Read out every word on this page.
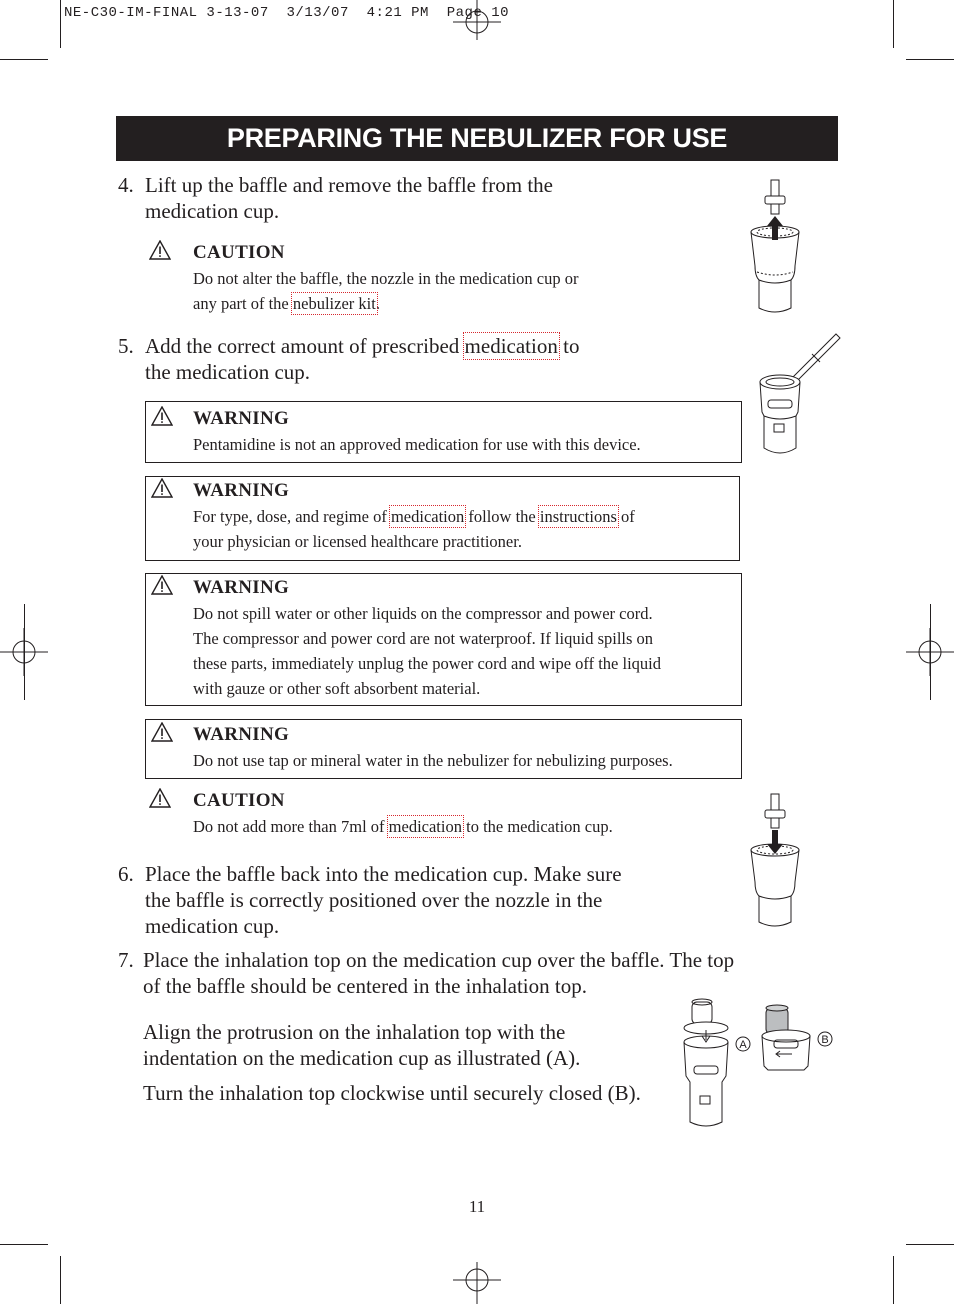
NE-C30-IM-FINAL 3-13-07  3/13/07  4:21 PM  Page 10
PREPARING THE NEBULIZER FOR USE
4. Lift up the baffle and remove the baffle from the
medication cup.
CAUTION
Do not alter the baffle, the nozzle in the medication cup or
any part of the nebulizer kit.
5. Add the correct amount of prescribed medication to
the medication cup.
WARNING
Pentamidine is not an approved medication for use with this device.
WARNING
For type, dose, and regime of medication follow the instructions of
your physician or licensed healthcare practitioner.
WARNING
Do not spill water or other liquids on the compressor and power cord.
The compressor and power cord are not waterproof. If liquid spills on
these parts, immediately unplug the power cord and wipe off the liquid
with gauze or other soft absorbent material.
WARNING
Do not use tap or mineral water in the nebulizer for nebulizing purposes.
CAUTION
Do not add more than 7ml of medication to the medication cup.
6. Place the baffle back into the medication cup. Make sure
the baffle is correctly positioned over the nozzle in the
medication cup.
7. Place the inhalation top on the medication cup over the baffle. The top
of the baffle should be centered in the inhalation top.
Align the protrusion on the inhalation top with the
indentation on the medication cup as illustrated (A).
Turn the inhalation top clockwise until securely closed (B).
A	B
11
